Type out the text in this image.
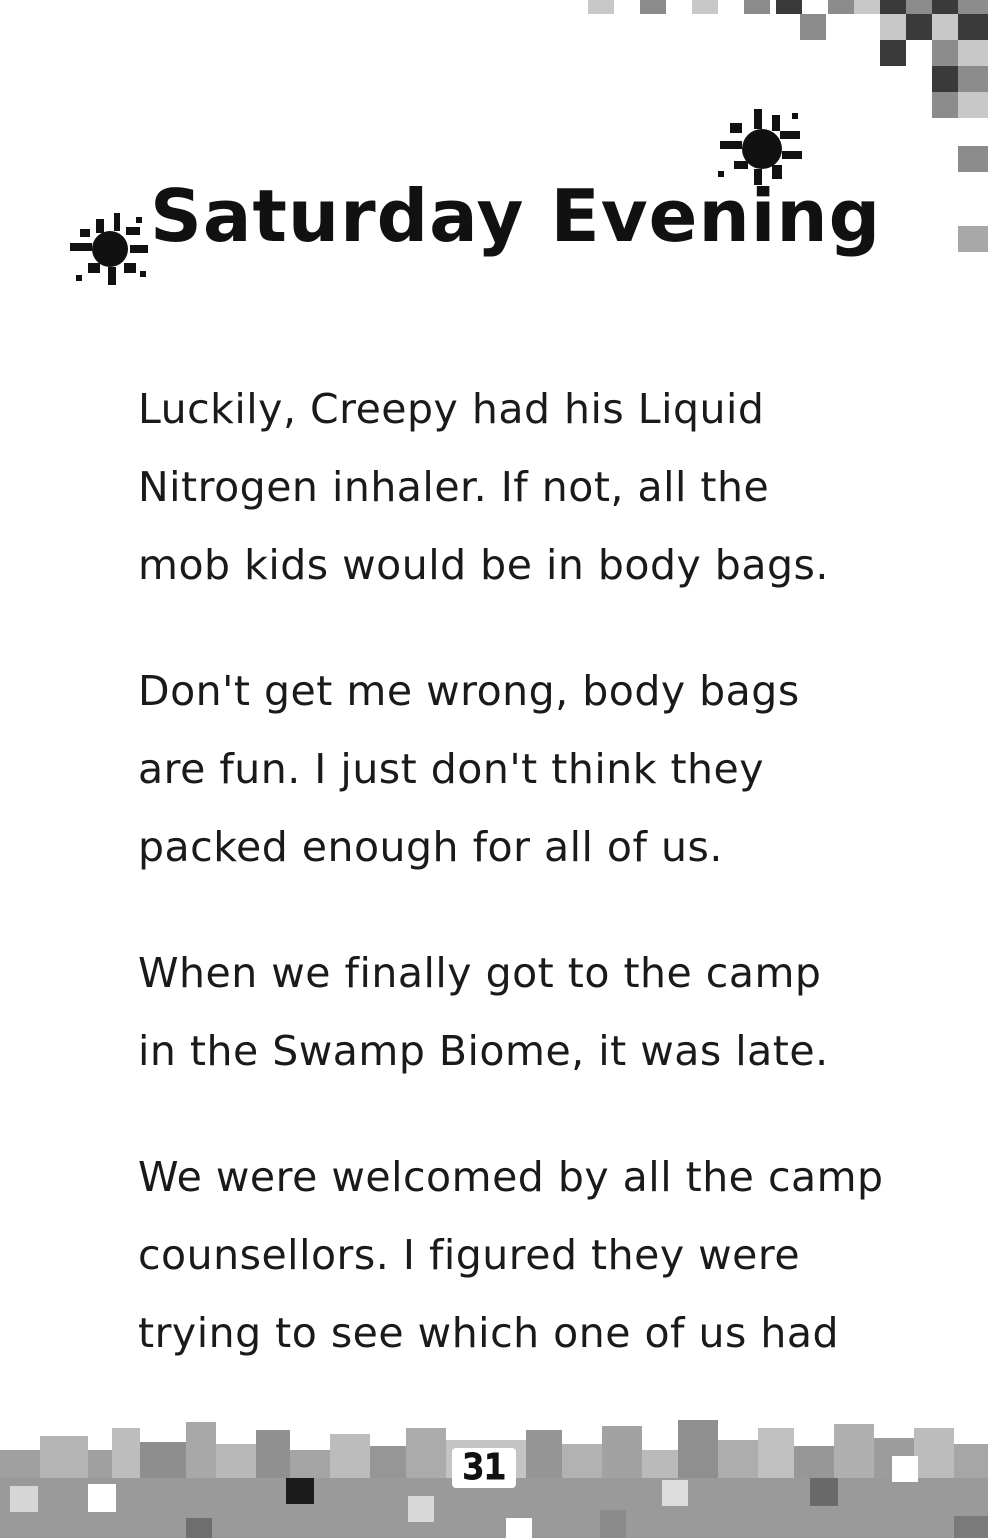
Saturday Evening
Luckily, Creepy had his Liquid
Nitrogen inhaler. If not, all the
mob kids would be in body bags.
Don't get me wrong, body bags
are fun. I just don't think they
packed enough for all of us.
When we finally got to the camp
in the Swamp Biome, it was late.
We were welcomed by all the camp
counsellors. I figured they were
trying to see which one of us had
31
